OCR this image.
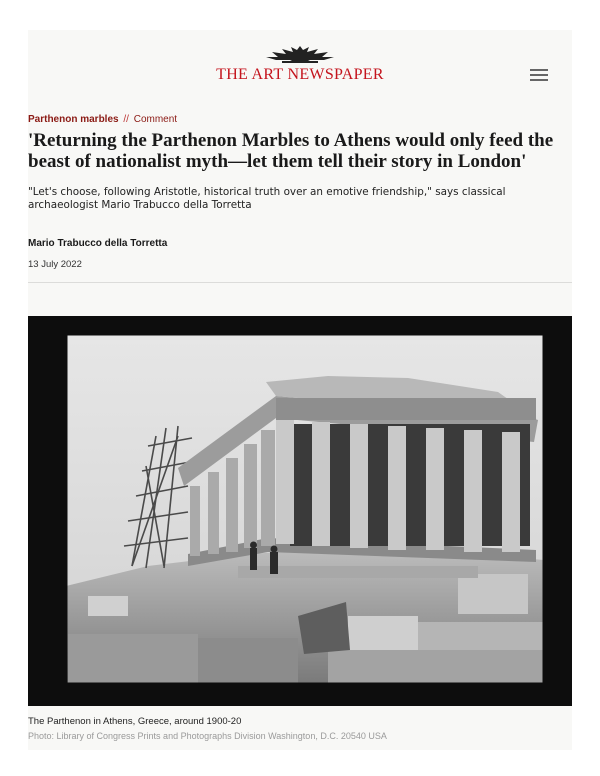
THE ART NEWSPAPER
Parthenon marbles // Comment
'Returning the Parthenon Marbles to Athens would only feed the beast of nationalist myth—let them tell their story in London'

"Let's choose, following Aristotle, historical truth over an emotive friendship," says classical archaeologist Mario Trabucco della Torretta

Mario Trabucco della Torretta
13 July 2022
The Parthenon in Athens, Greece, around 1900-20
Photo: Library of Congress Prints and Photographs Division Washington, D.C. 20540 USA
